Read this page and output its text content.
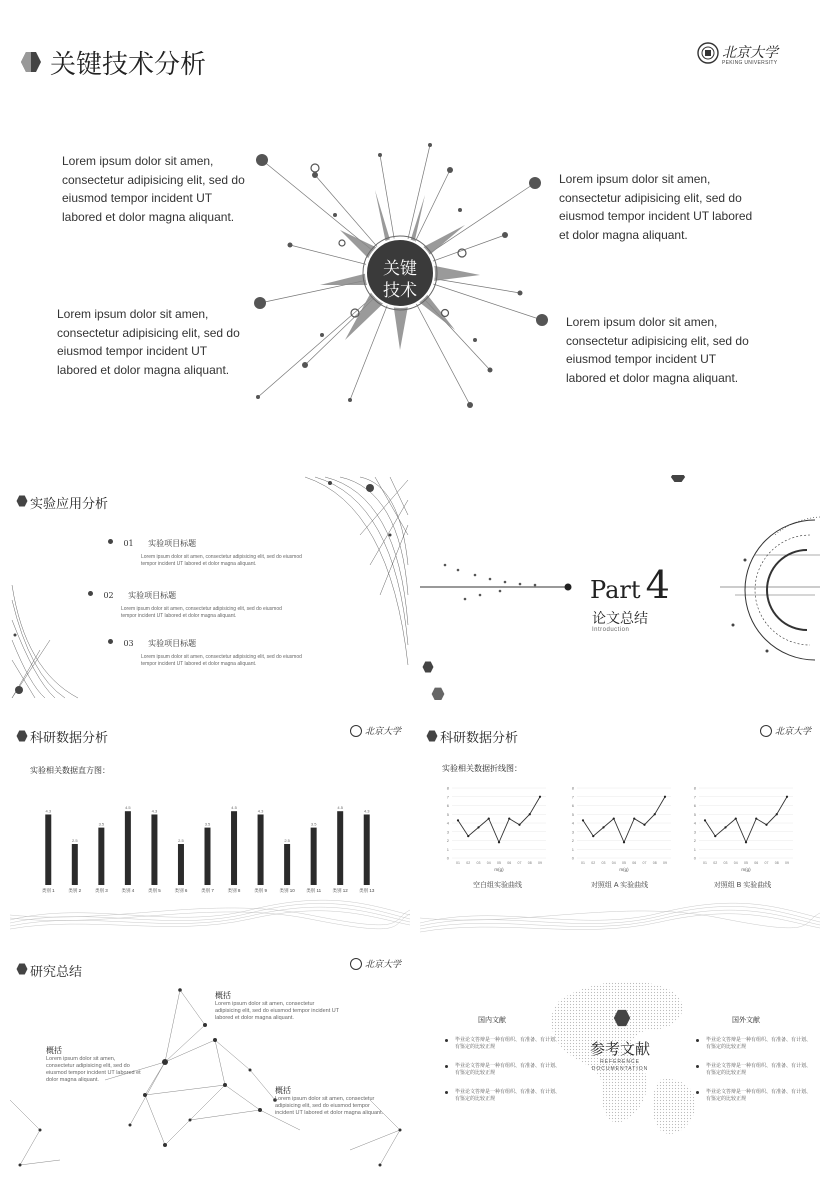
关键技术分析	北京大学
PEKING UNIVERSITY
关键
技术
Lorem ipsum dolor sit amen, consectetur adipisicing elit, sed do eiusmod tempor incident UT labored et dolor magna aliquant.
Lorem ipsum dolor sit amen, consectetur adipisicing elit, sed do eiusmod tempor incident UT labored et dolor magna aliquant.
Lorem ipsum dolor sit amen, consectetur adipisicing elit, sed do eiusmod tempor incident UT labored et dolor magna aliquant.
Lorem ipsum dolor sit amen, consectetur adipisicing elit, sed do eiusmod tempor incident UT labored et dolor magna aliquant.
实验应用分析
01 实验项目标题
Lorem ipsum dolor sit amen, consectetur adipisicing elit, sed do eiusmod tempor incident UT labored et dolor magna aliquant.
02 实验项目标题
Lorem ipsum dolor sit amen, consectetur adipisicing elit, sed do eiusmod tempor incident UT labored et dolor magna aliquant.
03 实验项目标题
Lorem ipsum dolor sit amen, consectetur adipisicing elit, sed do eiusmod tempor incident UT labored et dolor magna aliquant.
Part 4
论文总结
Introduction
科研数据分析	北京大学
实验相关数据直方图：
4.3
类别 1
2.5
类别 2
3.5
类别 3
4.5
类别 4
4.3
类别 5
2.5
类别 6
3.5
类别 7
4.5
类别 8
4.3
类别 9
2.5
类别 10
3.5
类别 11
4.5
类别 12
4.3
类别 13
科研数据分析	北京大学
实验相关数据折线图：
0
1
2
3
4
5
6
7
8
01 02 03 04 05 06 07 08 09
m(g)
0
1
2
3
4
5
6
7
8
01 02 03 04 05 06 07 08 09
m(g)
0
1
2
3
4
5
6
7
8
01 02 03 04 05 06 07 08 09
m(g)
空白组实验曲线	对照组 A 实验曲线	对照组 B 实验曲线
研究总结	北京大学
概括
Lorem ipsum dolor sit amen, consectetur adipisicing elit, sed do eiusmod tempor incident UT labored et dolor magna aliquant.
概括
Lorem ipsum dolor sit amen, consectetur adipisicing elit, sed do eiusmod tempor incident UT labored et dolor magna aliquant.
概括
Lorem ipsum dolor sit amen, consectetur adipisicing elit, sed do eiusmod tempor incident UT labored et dolor magna aliquant.
参考文献
REFERENCE
DOCUMENTATION
国内文献	国外文献
毕业论文答辩是一种有组织、有准备、有计划、有鉴定的比较正规
毕业论文答辩是一种有组织、有准备、有计划、有鉴定的比较正规
毕业论文答辩是一种有组织、有准备、有计划、有鉴定的比较正规
毕业论文答辩是一种有组织、有准备、有计划、有鉴定的比较正规
毕业论文答辩是一种有组织、有准备、有计划、有鉴定的比较正规
毕业论文答辩是一种有组织、有准备、有计划、有鉴定的比较正规
